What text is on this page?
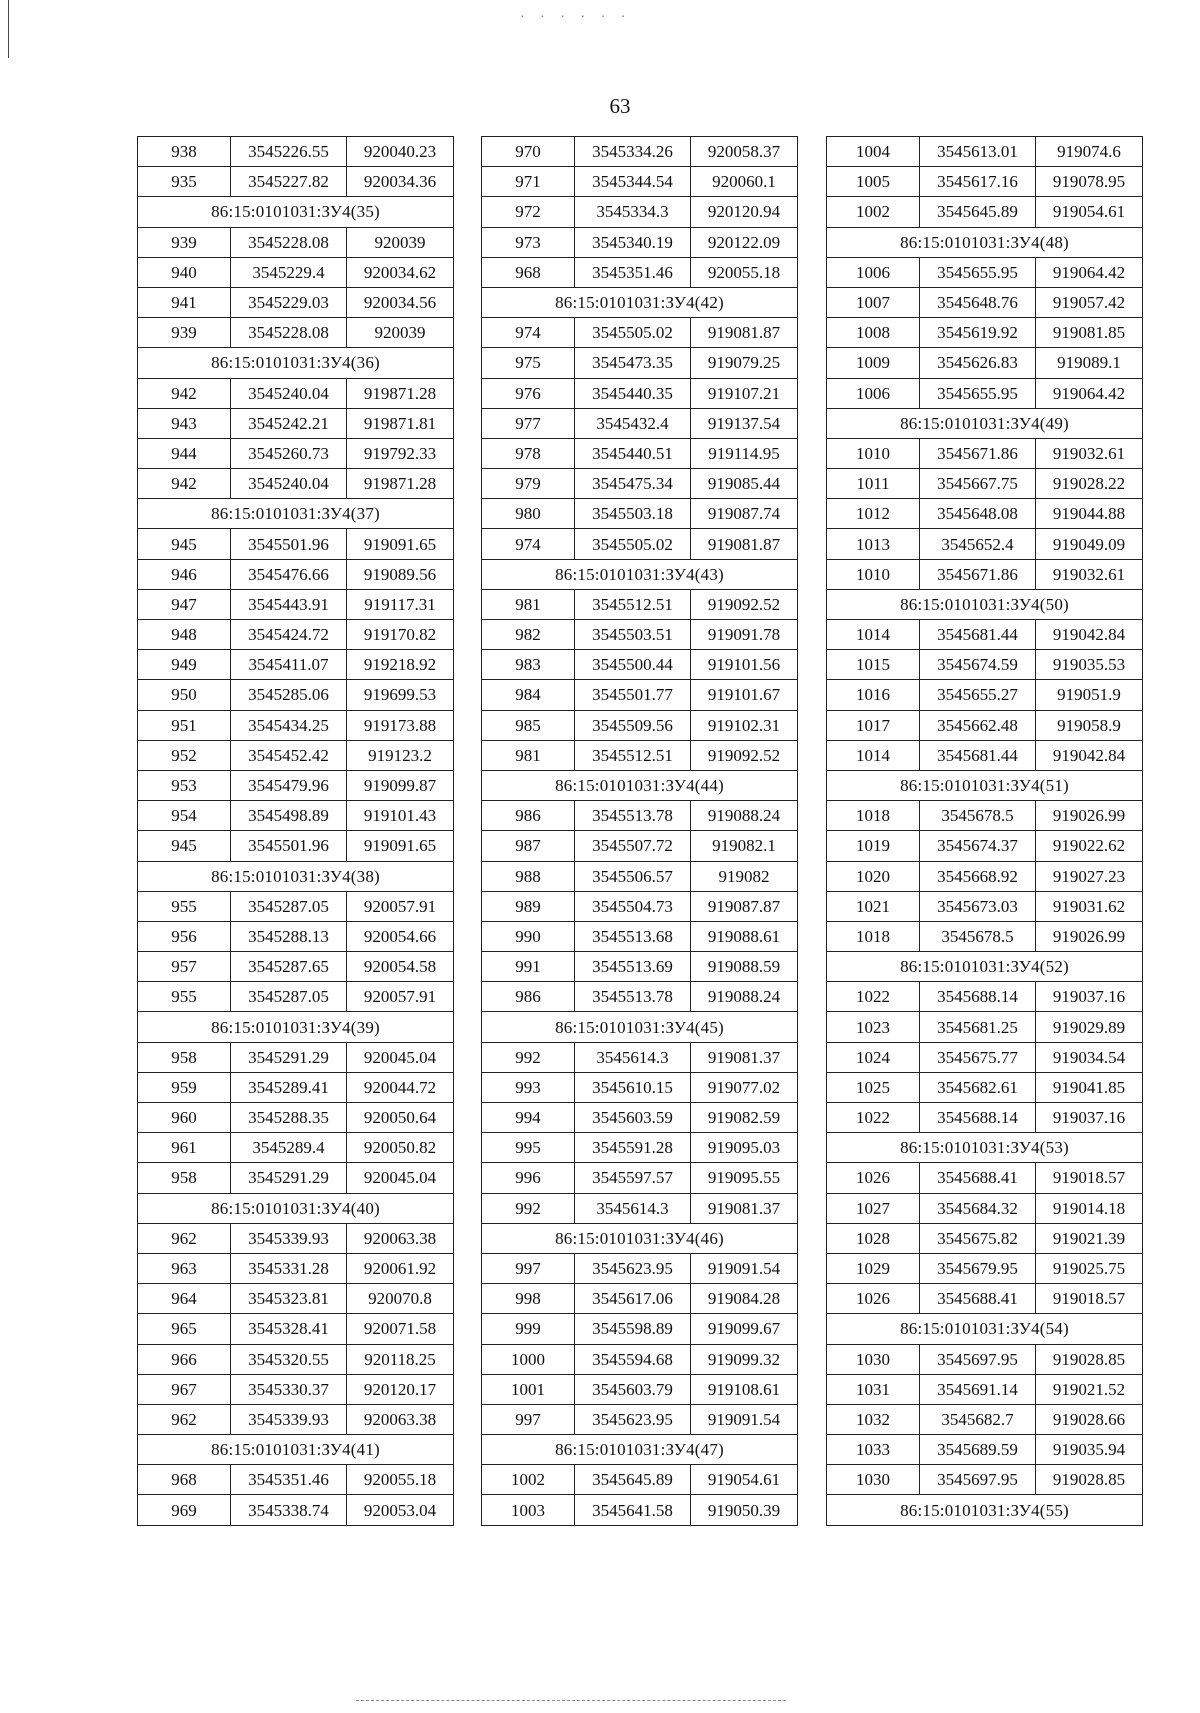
· · · · · ·
63
938	3545226.55	920040.23
935	3545227.82	920034.36
86:15:0101031:ЗУ4(35)		
939	3545228.08	920039
940	3545229.4	920034.62
941	3545229.03	920034.56
939	3545228.08	920039
86:15:0101031:ЗУ4(36)		
942	3545240.04	919871.28
943	3545242.21	919871.81
944	3545260.73	919792.33
942	3545240.04	919871.28
86:15:0101031:ЗУ4(37)		
945	3545501.96	919091.65
946	3545476.66	919089.56
947	3545443.91	919117.31
948	3545424.72	919170.82
949	3545411.07	919218.92
950	3545285.06	919699.53
951	3545434.25	919173.88
952	3545452.42	919123.2
953	3545479.96	919099.87
954	3545498.89	919101.43
945	3545501.96	919091.65
86:15:0101031:ЗУ4(38)		
955	3545287.05	920057.91
956	3545288.13	920054.66
957	3545287.65	920054.58
955	3545287.05	920057.91
86:15:0101031:ЗУ4(39)		
958	3545291.29	920045.04
959	3545289.41	920044.72
960	3545288.35	920050.64
961	3545289.4	920050.82
958	3545291.29	920045.04
86:15:0101031:ЗУ4(40)		
962	3545339.93	920063.38
963	3545331.28	920061.92
964	3545323.81	920070.8
965	3545328.41	920071.58
966	3545320.55	920118.25
967	3545330.37	920120.17
962	3545339.93	920063.38
86:15:0101031:ЗУ4(41)		
968	3545351.46	920055.18
969	3545338.74	920053.04
970	3545334.26	920058.37
971	3545344.54	920060.1
972	3545334.3	920120.94
973	3545340.19	920122.09
968	3545351.46	920055.18
86:15:0101031:ЗУ4(42)		
974	3545505.02	919081.87
975	3545473.35	919079.25
976	3545440.35	919107.21
977	3545432.4	919137.54
978	3545440.51	919114.95
979	3545475.34	919085.44
980	3545503.18	919087.74
974	3545505.02	919081.87
86:15:0101031:ЗУ4(43)		
981	3545512.51	919092.52
982	3545503.51	919091.78
983	3545500.44	919101.56
984	3545501.77	919101.67
985	3545509.56	919102.31
981	3545512.51	919092.52
86:15:0101031:ЗУ4(44)		
986	3545513.78	919088.24
987	3545507.72	919082.1
988	3545506.57	919082
989	3545504.73	919087.87
990	3545513.68	919088.61
991	3545513.69	919088.59
986	3545513.78	919088.24
86:15:0101031:ЗУ4(45)		
992	3545614.3	919081.37
993	3545610.15	919077.02
994	3545603.59	919082.59
995	3545591.28	919095.03
996	3545597.57	919095.55
992	3545614.3	919081.37
86:15:0101031:ЗУ4(46)		
997	3545623.95	919091.54
998	3545617.06	919084.28
999	3545598.89	919099.67
1000	3545594.68	919099.32
1001	3545603.79	919108.61
997	3545623.95	919091.54
86:15:0101031:ЗУ4(47)		
1002	3545645.89	919054.61
1003	3545641.58	919050.39
1004	3545613.01	919074.6
1005	3545617.16	919078.95
1002	3545645.89	919054.61
86:15:0101031:ЗУ4(48)		
1006	3545655.95	919064.42
1007	3545648.76	919057.42
1008	3545619.92	919081.85
1009	3545626.83	919089.1
1006	3545655.95	919064.42
86:15:0101031:ЗУ4(49)		
1010	3545671.86	919032.61
1011	3545667.75	919028.22
1012	3545648.08	919044.88
1013	3545652.4	919049.09
1010	3545671.86	919032.61
86:15:0101031:ЗУ4(50)		
1014	3545681.44	919042.84
1015	3545674.59	919035.53
1016	3545655.27	919051.9
1017	3545662.48	919058.9
1014	3545681.44	919042.84
86:15:0101031:ЗУ4(51)		
1018	3545678.5	919026.99
1019	3545674.37	919022.62
1020	3545668.92	919027.23
1021	3545673.03	919031.62
1018	3545678.5	919026.99
86:15:0101031:ЗУ4(52)		
1022	3545688.14	919037.16
1023	3545681.25	919029.89
1024	3545675.77	919034.54
1025	3545682.61	919041.85
1022	3545688.14	919037.16
86:15:0101031:ЗУ4(53)		
1026	3545688.41	919018.57
1027	3545684.32	919014.18
1028	3545675.82	919021.39
1029	3545679.95	919025.75
1026	3545688.41	919018.57
86:15:0101031:ЗУ4(54)		
1030	3545697.95	919028.85
1031	3545691.14	919021.52
1032	3545682.7	919028.66
1033	3545689.59	919035.94
1030	3545697.95	919028.85
86:15:0101031:ЗУ4(55)		
